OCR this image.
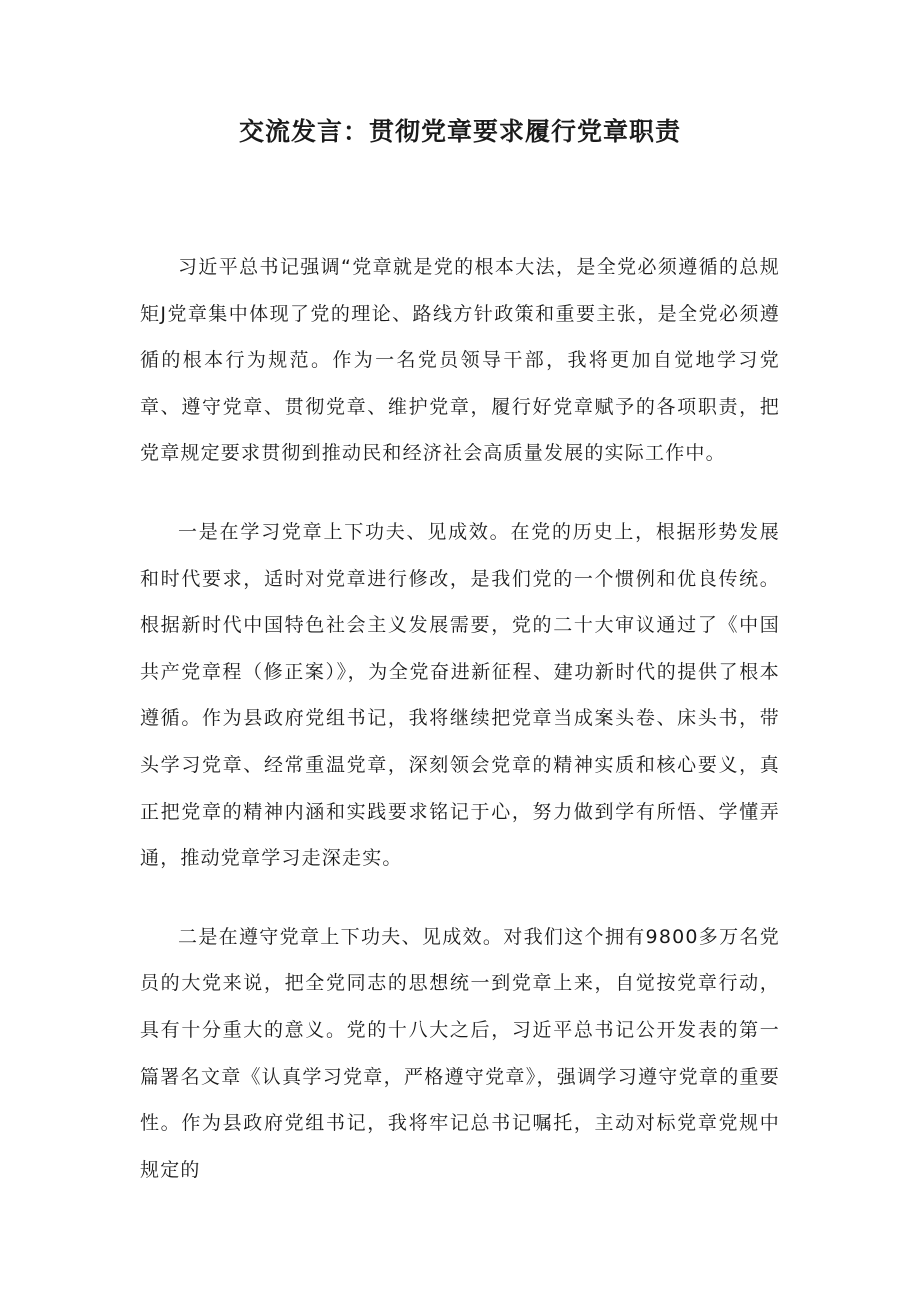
交流发言：贯彻党章要求履行党章职责

习近平总书记强调“党章就是党的根本大法，是全党必须遵循的总规矩J党章集中体现了党的理论、路线方针政策和重要主张，是全党必须遵循的根本行为规范。作为一名党员领导干部，我将更加自觉地学习党章、遵守党章、贯彻党章、维护党章，履行好党章赋予的各项职责，把党章规定要求贯彻到推动民和经济社会高质量发展的实际工作中。

一是在学习党章上下功夫、见成效。在党的历史上，根据形势发展和时代要求，适时对党章进行修改，是我们党的一个惯例和优良传统。根据新时代中国特色社会主义发展需要，党的二十大审议通过了《中国共产党章程（修正案）》，为全党奋进新征程、建功新时代的提供了根本遵循。作为县政府党组书记，我将继续把党章当成案头卷、床头书，带头学习党章、经常重温党章，深刻领会党章的精神实质和核心要义，真正把党章的精神内涵和实践要求铭记于心，努力做到学有所悟、学懂弄通，推动党章学习走深走实。

二是在遵守党章上下功夫、见成效。对我们这个拥有9800多万名党员的大党来说，把全党同志的思想统一到党章上来，自觉按党章行动，具有十分重大的意义。党的十八大之后，习近平总书记公开发表的第一篇署名文章《认真学习党章，严格遵守党章》，强调学习遵守党章的重要性。作为县政府党组书记，我将牢记总书记嘱托，主动对标党章党规中规定的
